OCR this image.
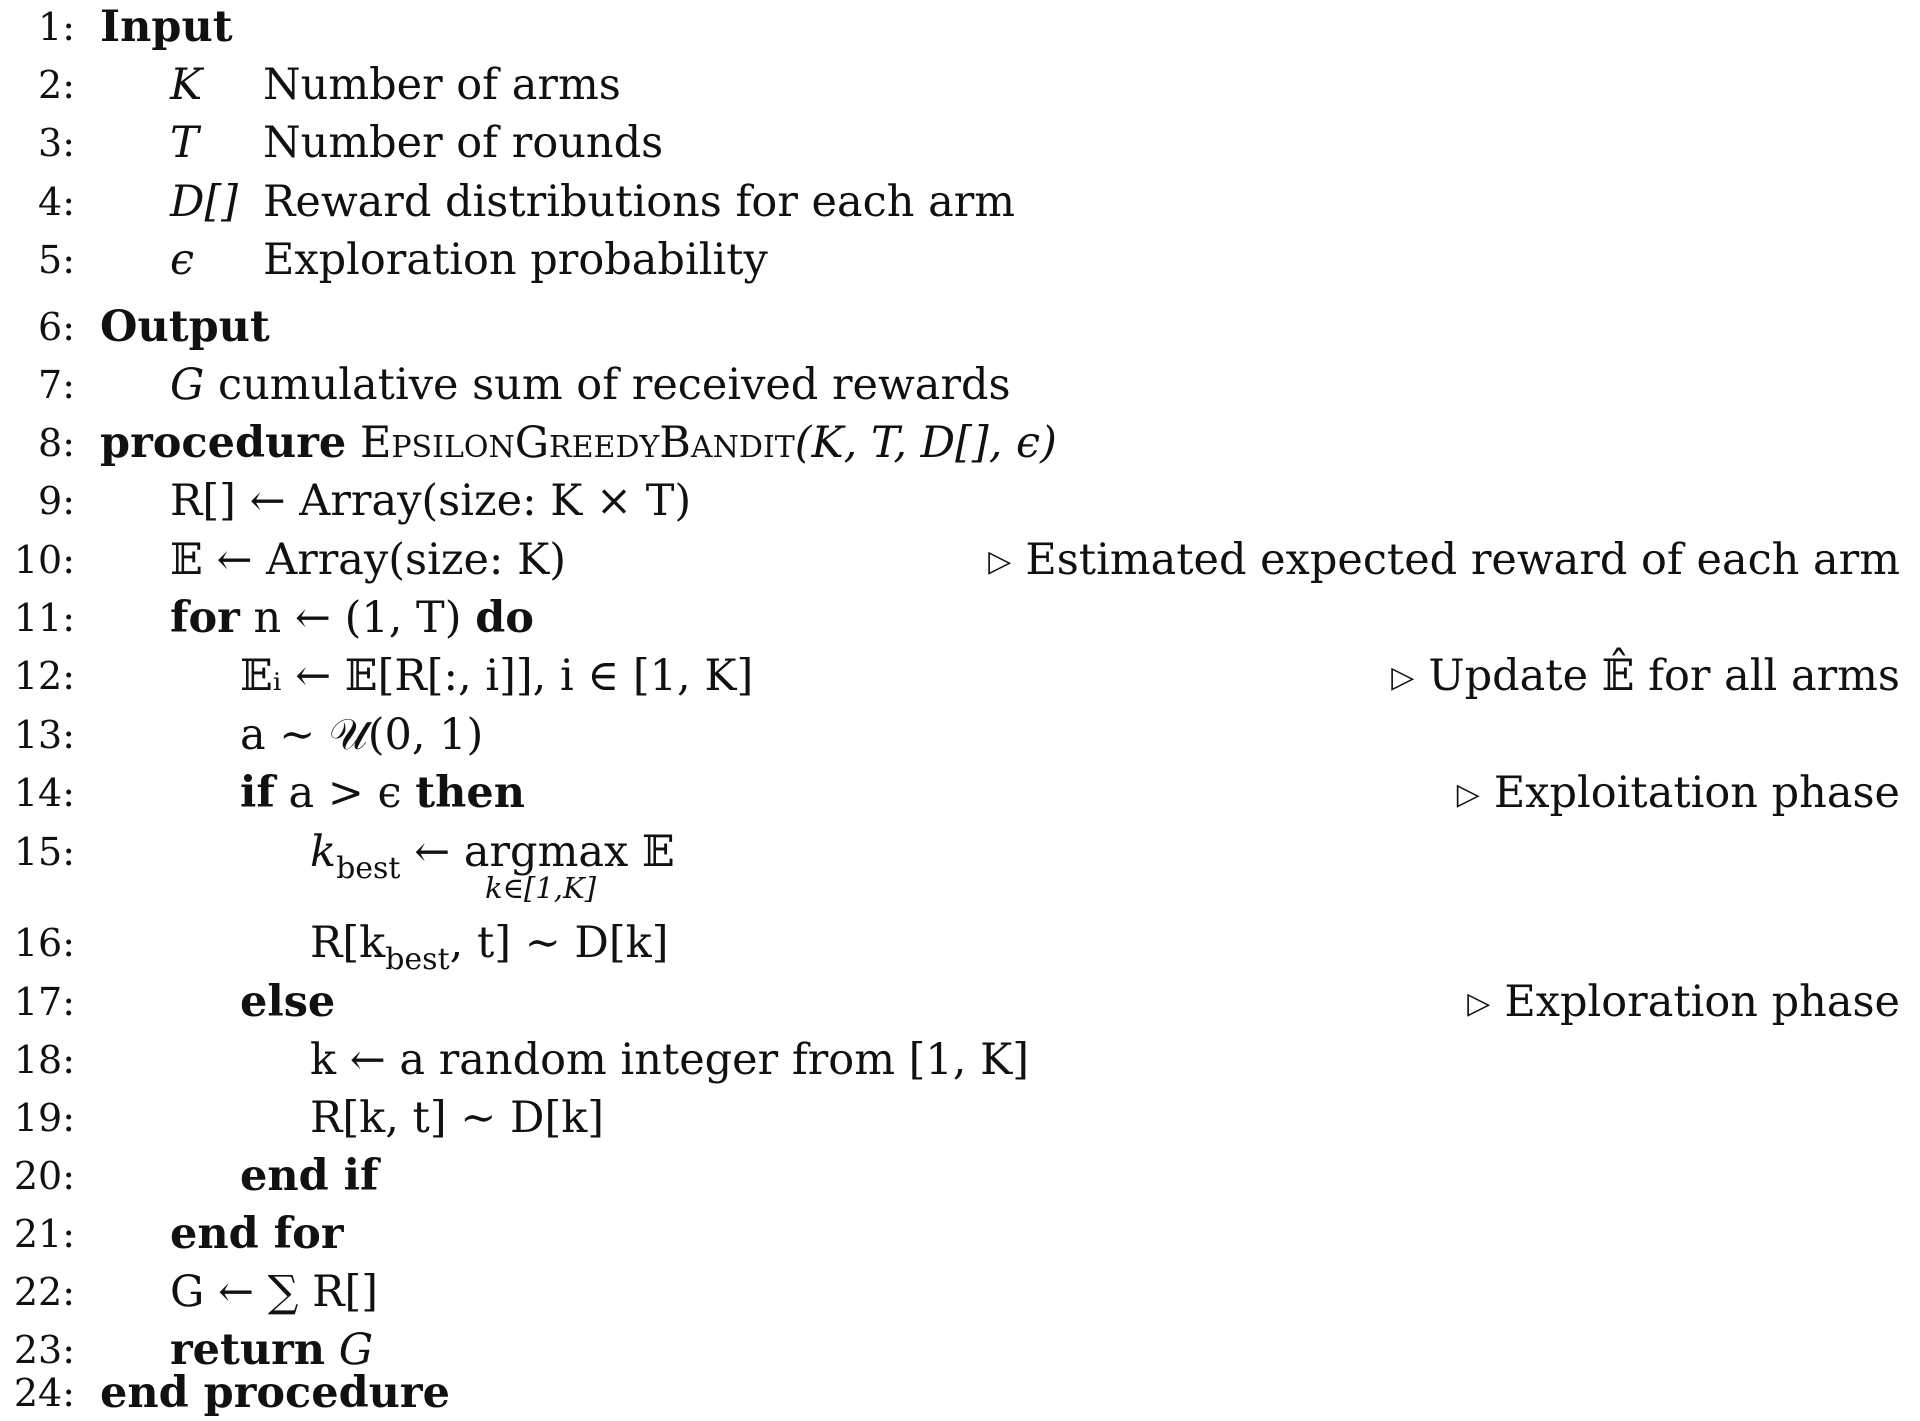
1: Input
2: K Number of arms
3: T Number of rounds
4: D[] Reward distributions for each arm
5: ϵ Exploration probability
6: Output
7: G cumulative sum of received rewards
8: procedure EpsilonGreedyBandit(K, T, D[], ϵ)
9: R[] ← Array(size: K × T)
10: 𝔼 ← Array(size: K)	▷ Estimated expected reward of each arm
11: for n ← (1, T) do
12:	𝔼ᵢ ← 𝔼[R[:, i]], i ∈ [1, K]	▷ Update 𝔼̂ for all arms
13:	a ∼ 𝒰(0, 1)
14:	if a > ϵ then	▷ Exploitation phase
15:	$k_{best}$ ← argmax 𝔼
k∈[1,K]
16:	$R[k_{best}$, t] ∼ D[k]
17:	else	▷ Exploration phase
18:	k ← a random integer from [1, K]
19:	R[k, t] ∼ D[k]
20:	end if
21: end for
22: G ← ∑ R[]
23: return G
24: end procedure
